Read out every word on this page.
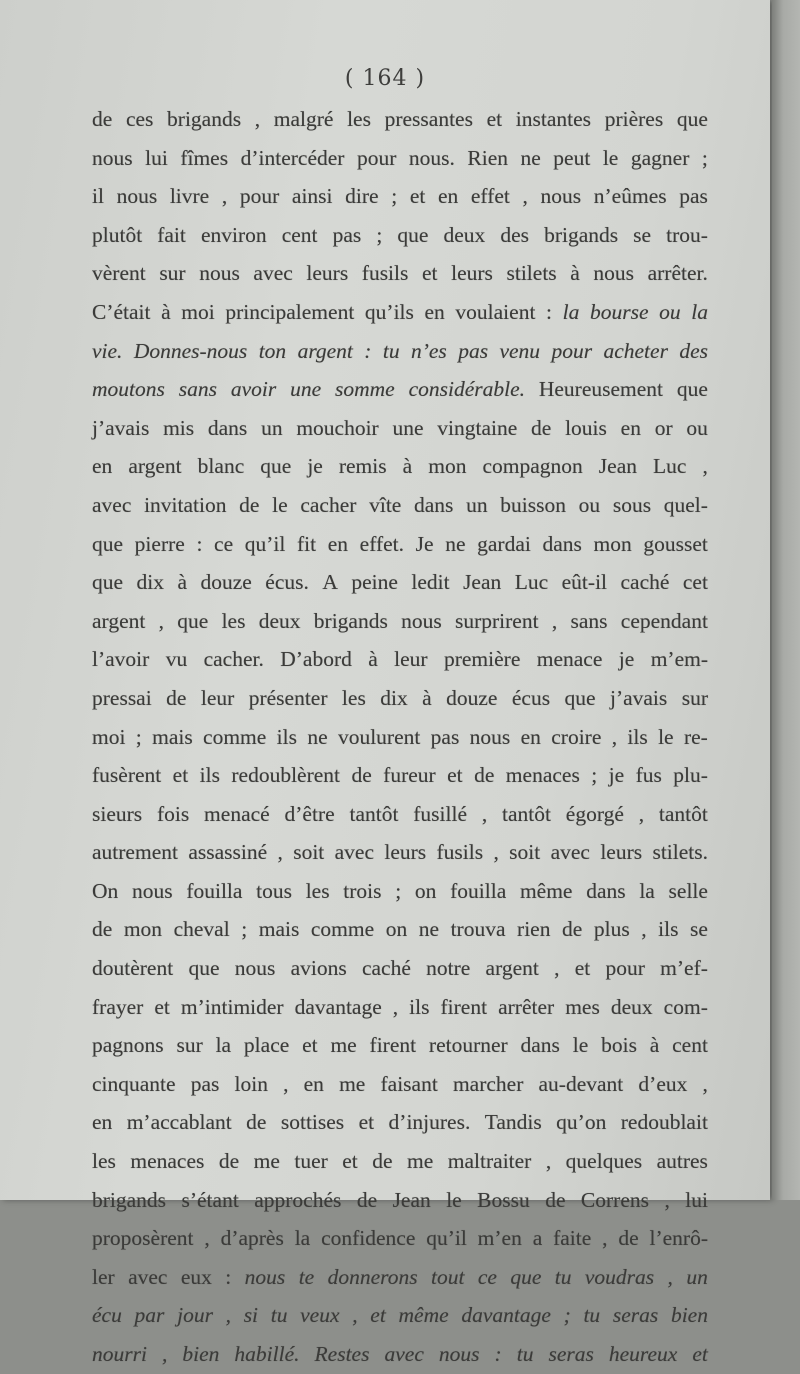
( 164 )
de ces brigands , malgré les pressantes et instantes prières que
nous lui fîmes d’intercéder pour nous. Rien ne peut le gagner ;
il nous livre , pour ainsi dire ; et en effet , nous n’eûmes pas
plutôt fait environ cent pas ; que deux des brigands se trou-
vèrent sur nous avec leurs fusils et leurs stilets à nous arrêter.
C’était à moi principalement qu’ils en voulaient : la bourse ou la
vie. Donnes-nous ton argent : tu n’es pas venu pour acheter des
moutons sans avoir une somme considérable. Heureusement que
j’avais mis dans un mouchoir une vingtaine de louis en or ou
en argent blanc que je remis à mon compagnon Jean Luc ,
avec invitation de le cacher vîte dans un buisson ou sous quel-
que pierre : ce qu’il fit en effet. Je ne gardai dans mon gousset
que dix à douze écus. A peine ledit Jean Luc eût-il caché cet
argent , que les deux brigands nous surprirent , sans cependant
l’avoir vu cacher. D’abord à leur première menace je m’em-
pressai de leur présenter les dix à douze écus que j’avais sur
moi ; mais comme ils ne voulurent pas nous en croire , ils le re-
fusèrent et ils redoublèrent de fureur et de menaces ; je fus plu-
sieurs fois menacé d’être tantôt fusillé , tantôt égorgé , tantôt
autrement assassiné , soit avec leurs fusils , soit avec leurs stilets.
On nous fouilla tous les trois ; on fouilla même dans la selle
de mon cheval ; mais comme on ne trouva rien de plus , ils se
doutèrent que nous avions caché notre argent , et pour m’ef-
frayer et m’intimider davantage , ils firent arrêter mes deux com-
pagnons sur la place et me firent retourner dans le bois à cent
cinquante pas loin , en me faisant marcher au-devant d’eux ,
en m’accablant de sottises et d’injures. Tandis qu’on redoublait
les menaces de me tuer et de me maltraiter , quelques autres
brigands s’étant approchés de Jean le Bossu de Correns , lui
proposèrent , d’après la confidence qu’il m’en a faite , de l’enrô-
ler avec eux : nous te donnerons tout ce que tu voudras , un
écu par jour , si tu veux , et même davantage ; tu seras bien
nourri , bien habillé. Restes avec nous : tu seras heureux et
